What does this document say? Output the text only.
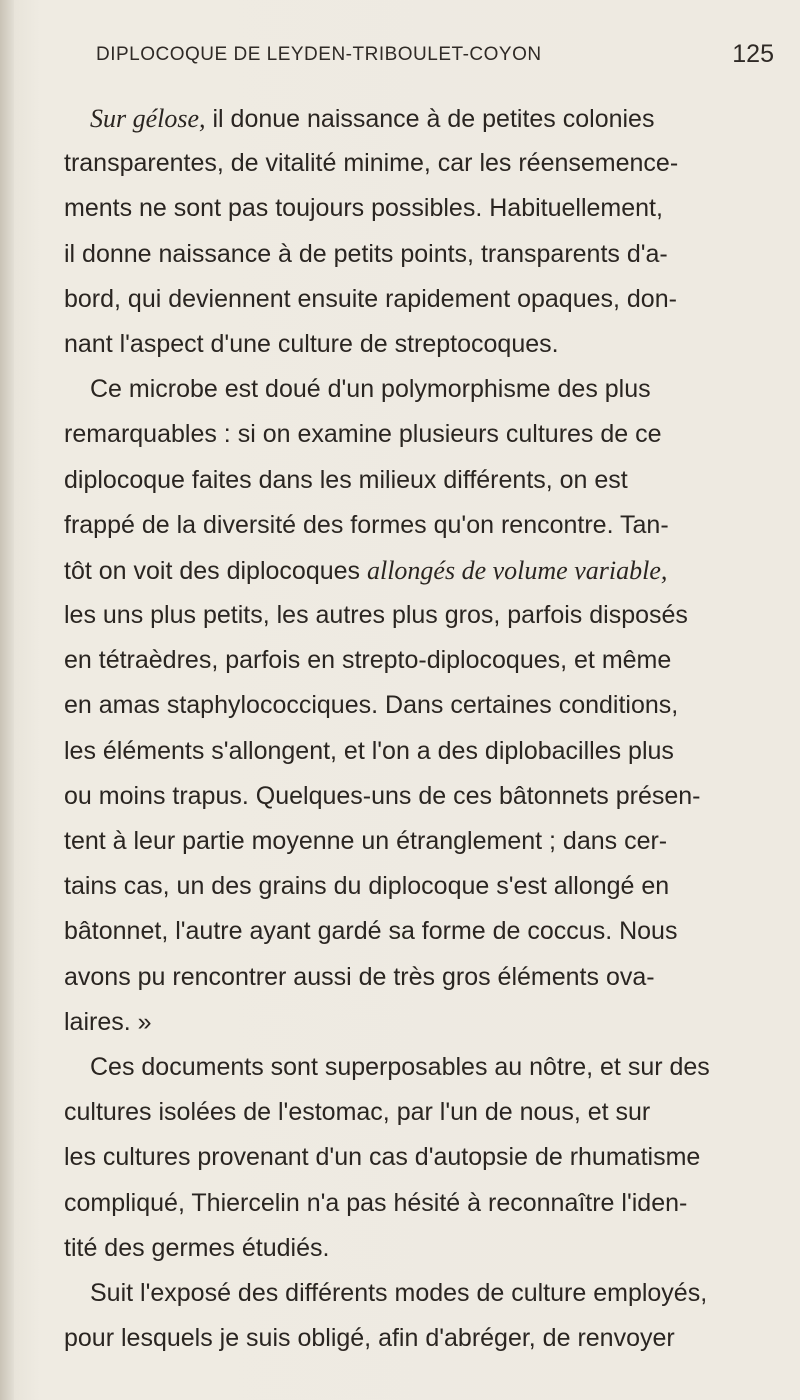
DIPLOCOQUE DE LEYDEN-TRIBOULET-COYON	125
Sur gélose, il donue naissance à de petites colonies
transparentes, de vitalité minime, car les réensemence-
ments ne sont pas toujours possibles. Habituellement,
il donne naissance à de petits points, transparents d'a-
bord, qui deviennent ensuite rapidement opaques, don-
nant l'aspect d'une culture de streptocoques.
Ce microbe est doué d'un polymorphisme des plus
remarquables : si on examine plusieurs cultures de ce
diplocoque faites dans les milieux différents, on est
frappé de la diversité des formes qu'on rencontre. Tan-
tôt on voit des diplocoques allongés de volume variable,
les uns plus petits, les autres plus gros, parfois disposés
en tétraèdres, parfois en strepto-diplocoques, et même
en amas staphylococciques. Dans certaines conditions,
les éléments s'allongent, et l'on a des diplobacilles plus
ou moins trapus. Quelques-uns de ces bâtonnets présen-
tent à leur partie moyenne un étranglement ; dans cer-
tains cas, un des grains du diplocoque s'est allongé en
bâtonnet, l'autre ayant gardé sa forme de coccus. Nous
avons pu rencontrer aussi de très gros éléments ova-
laires. »
Ces documents sont superposables au nôtre, et sur des
cultures isolées de l'estomac, par l'un de nous, et sur
les cultures provenant d'un cas d'autopsie de rhumatisme
compliqué, Thiercelin n'a pas hésité à reconnaître l'iden-
tité des germes étudiés.
Suit l'exposé des différents modes de culture employés,
pour lesquels je suis obligé, afin d'abréger, de renvoyer
